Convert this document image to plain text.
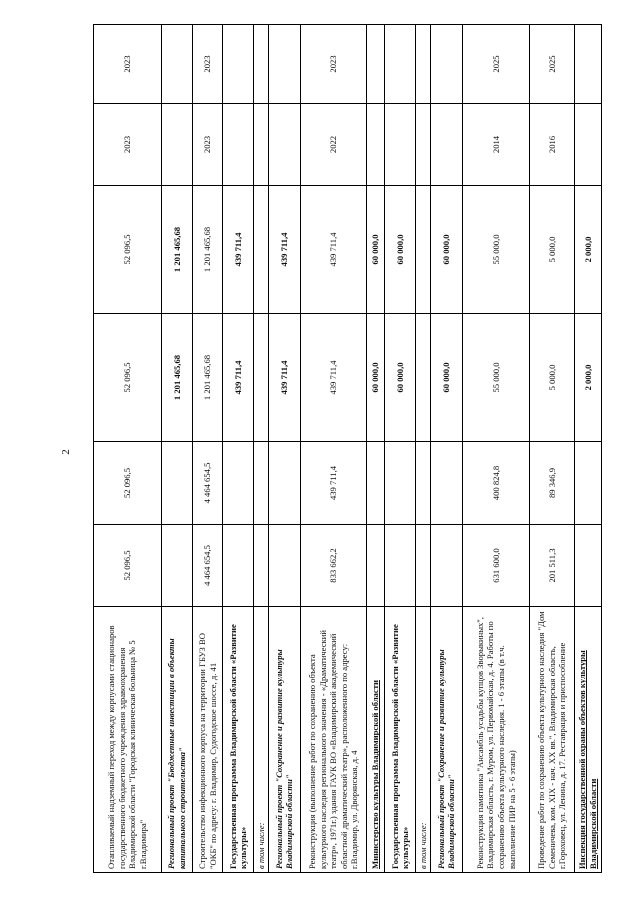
2
Отапливаемый надземный переход между корпусами стационаров государственного бюджетного учреждения здравоохранения Владимирской области "Городская клиническая больница № 5 г.Владимира"	52 096,5	52 096,5	52 096,5	52 096,5	2023	2023
Региональный проект "Бюджетные инвестиции в объекты капитального строительства"			1 201 465,68	1 201 465,68		
Строительство инфекционного корпуса на территории ГБУЗ ВО "ОКБ" по адресу: г. Владимир, Судогодское шоссе, д. 41	4 464 654,5	4 464 654,5	1 201 465,68	1 201 465,68	2023	2023
Государственная программа Владимирской области «Развитие культуры»			439 711,4	439 711,4		
в том числе:						
Региональный проект "Сохранение и развитие культуры Владимирской области"			439 711,4	439 711,4		
Реконструкция (выполнение работ по сохранению объекта культурного наследия регионального значения - «Драматический театр», 1971г.) здания ГАУК ВО «Владимирский академический областной драматический театр», расположенного по адресу: г.Владимир, ул. Дворянская, д. 4	833 662,2	439 711,4	439 711,4	439 711,4	2022	2023
Министерство культуры Владимирской области			60 000,0	60 000,0		
Государственная программа Владимирской области «Развитие культуры»			60 000,0	60 000,0		
в том числе:						
Региональный проект "Сохранение и развитие культуры Владимирской области"			60 000,0	60 000,0		
Реконструкция памятника "Ансамбль усадьбы купцов Зворыкиных", Владимирская область, г. Муром, ул. Первомайская, д. 4. Работы по сохранению объекта культурного наследия. 1 - 6 этапы (в т.ч. выполнение ПИР на 5 - 6 этапы)	631 600,0	400 824,8	55 000,0	55 000,0	2014	2025
Проведение работ по сохранению объекта культурного наследия "Дом Семеничева, ком. XIX - нач. XX вв.", Владимирская область, г.Гороховец, ул. Ленина, д. 17. Реставрация и приспособление	201 511,3	89 346,9	5 000,0	5 000,0	2016	2025
Инспекция государственной охраны объектов культуры Владимирской области			2 000,0	2 000,0		
